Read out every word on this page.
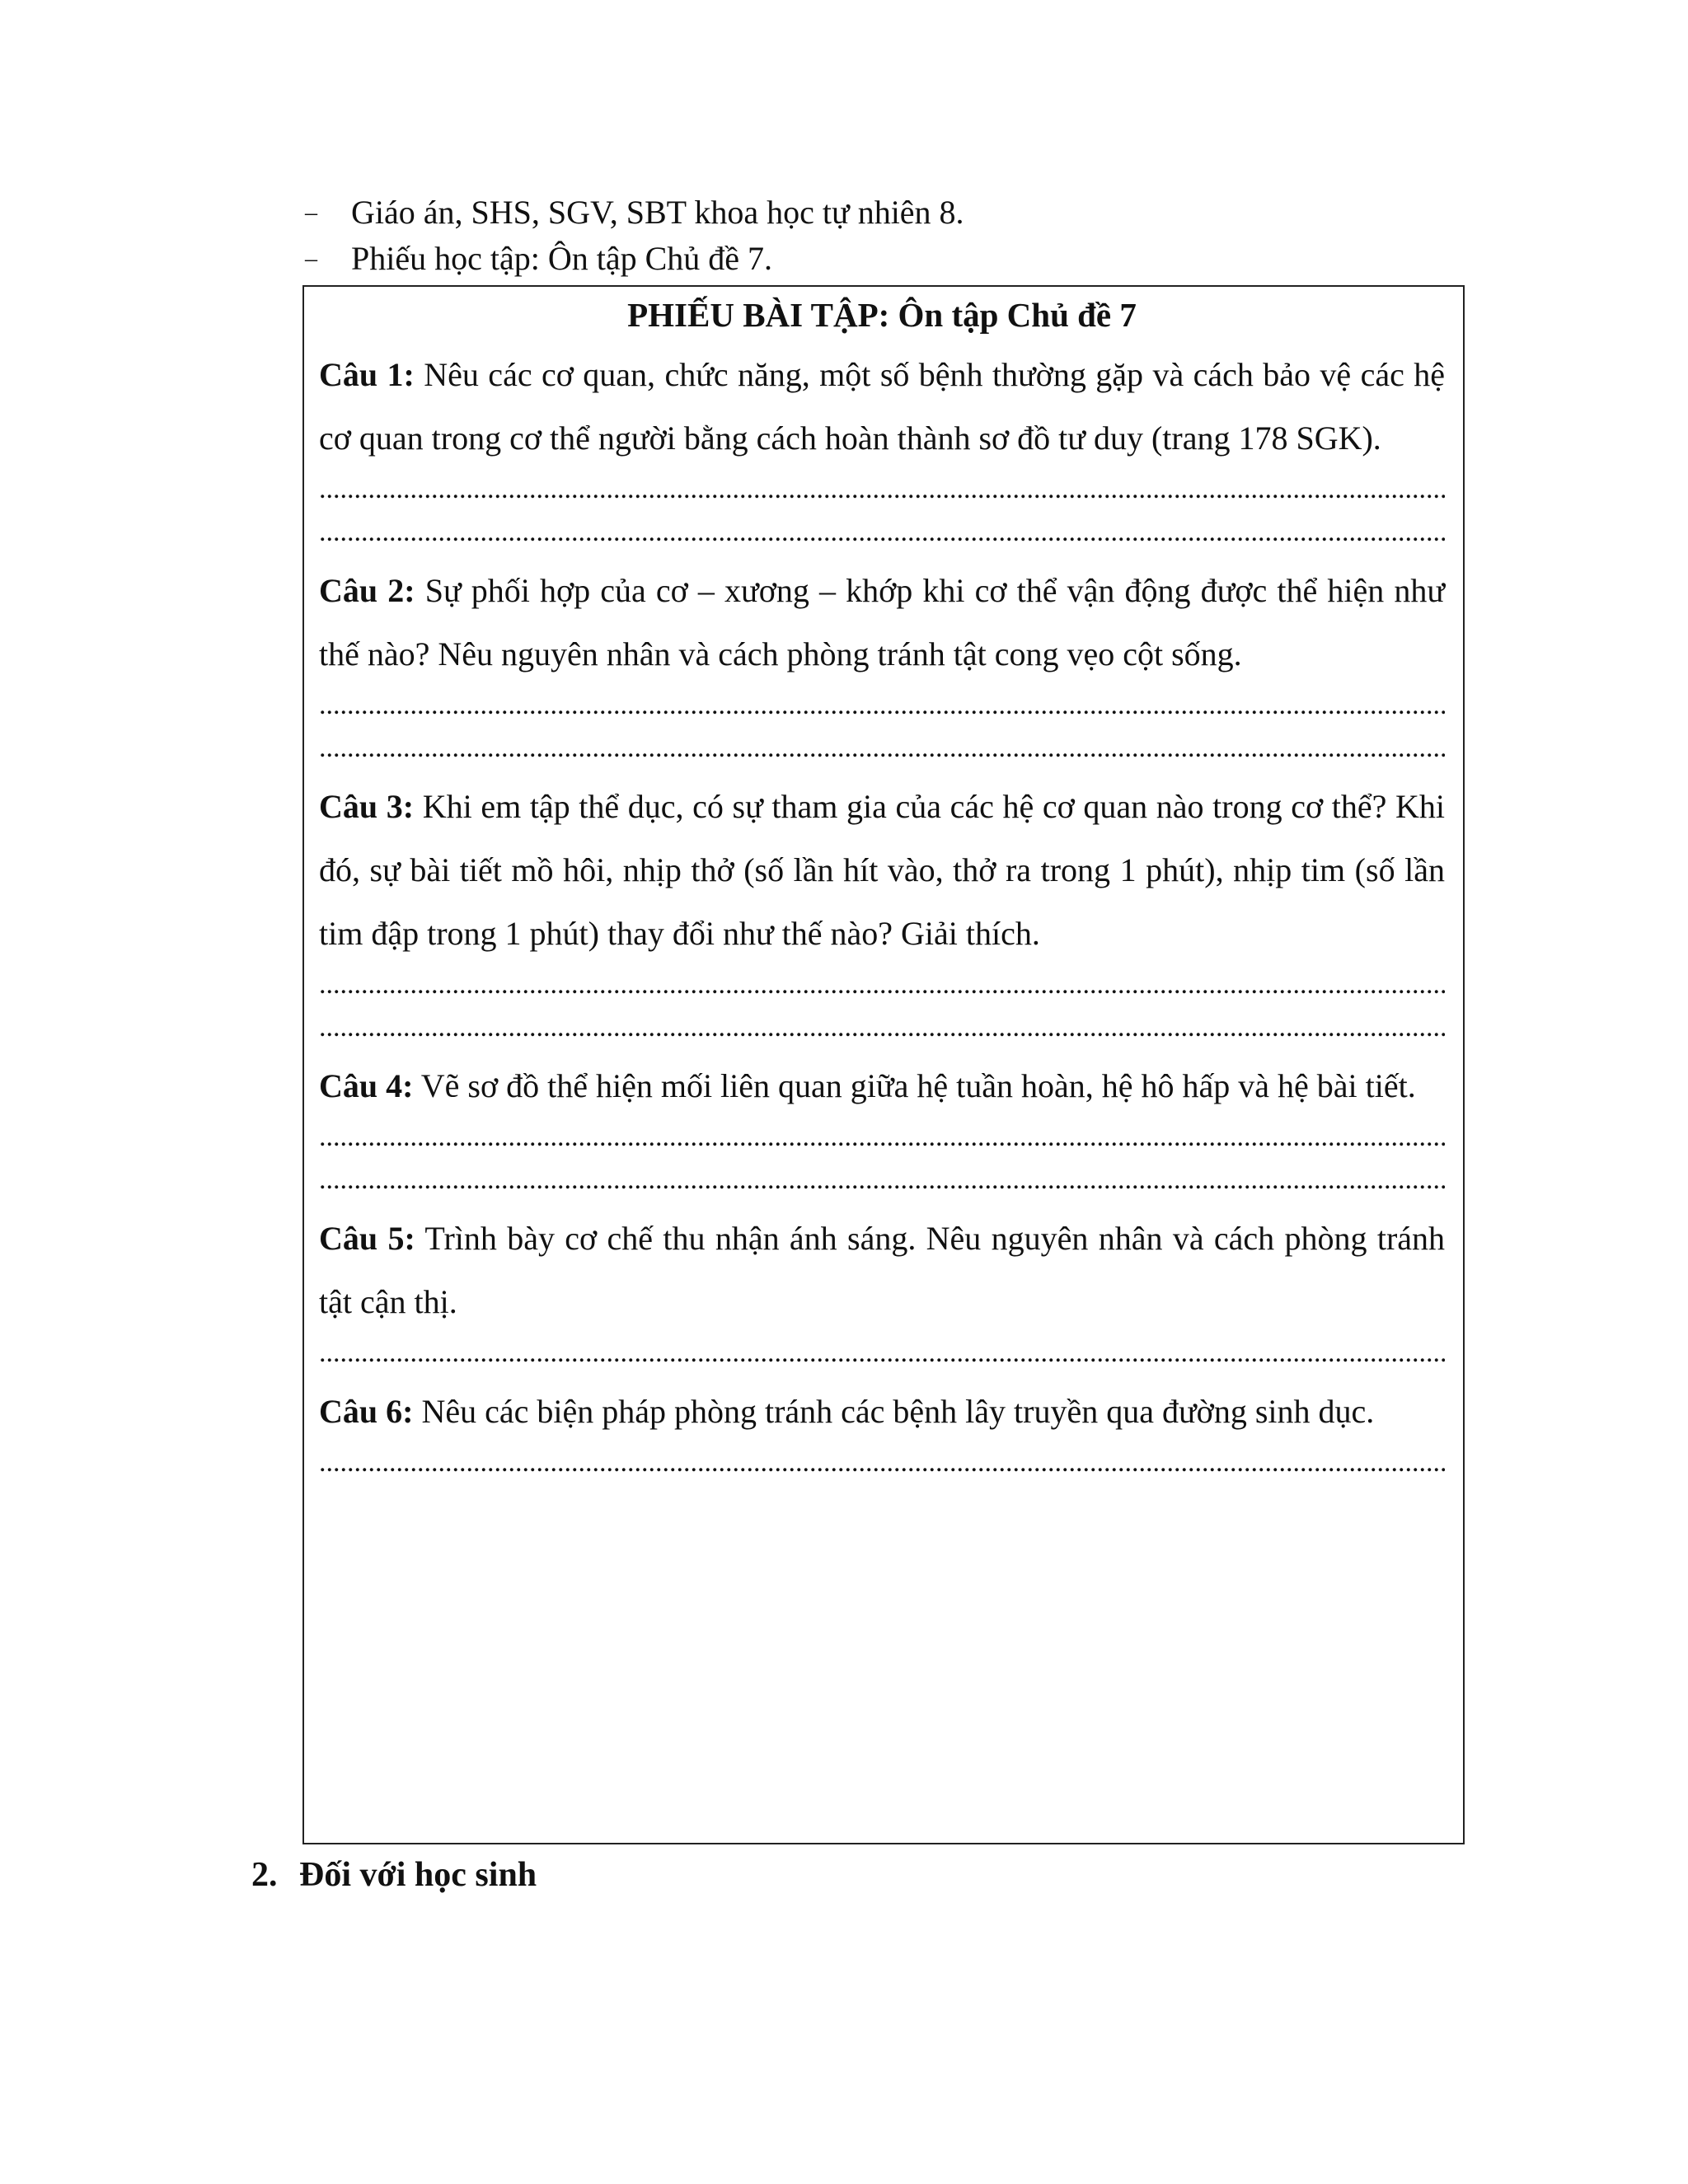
–	Giáo án, SHS, SGV, SBT khoa học tự nhiên 8.
–	Phiếu học tập: Ôn tập Chủ đề 7.
PHIẾU BÀI TẬP: Ôn tập Chủ đề 7
Câu 1: Nêu các cơ quan, chức năng, một số bệnh thường gặp và cách bảo vệ các hệ cơ quan trong cơ thể người bằng cách hoàn thành sơ đồ tư duy (trang 178 SGK).
.....
.....
Câu 2: Sự phối hợp của cơ – xương – khớp khi cơ thể vận động được thể hiện như thế nào? Nêu nguyên nhân và cách phòng tránh tật cong vẹo cột sống.
.....
.....
Câu 3: Khi em tập thể dục, có sự tham gia của các hệ cơ quan nào trong cơ thể? Khi đó, sự bài tiết mồ hôi, nhịp thở (số lần hít vào, thở ra trong 1 phút), nhịp tim (số lần tim đập trong 1 phút) thay đổi như thế nào? Giải thích.
.....
.....
Câu 4: Vẽ sơ đồ thể hiện mối liên quan giữa hệ tuần hoàn, hệ hô hấp và hệ bài tiết.
.....
.....
Câu 5: Trình bày cơ chế thu nhận ánh sáng. Nêu nguyên nhân và cách phòng tránh tật cận thị.
.....
Câu 6: Nêu các biện pháp phòng tránh các bệnh lây truyền qua đường sinh dục.
.....
2. Đối với học sinh
